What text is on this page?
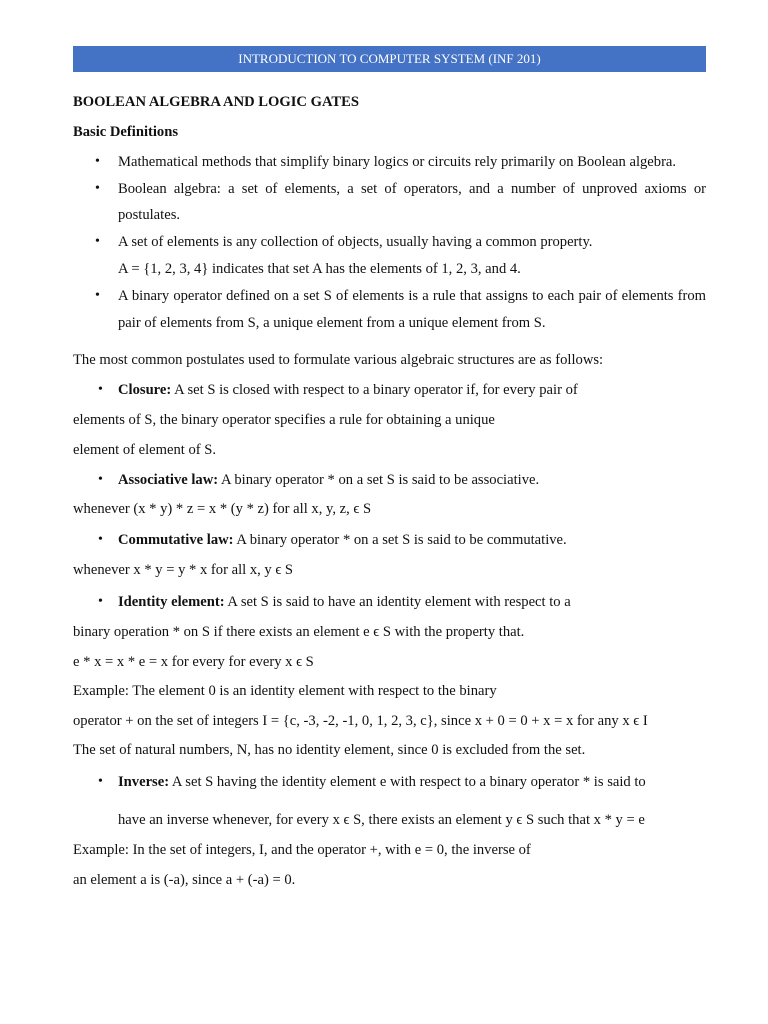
INTRODUCTION TO COMPUTER SYSTEM (INF 201)
BOOLEAN ALGEBRA AND LOGIC GATES
Basic Definitions
• Mathematical methods that simplify binary logics or circuits rely primarily on Boolean algebra.
• Boolean algebra: a set of elements, a set of operators, and a number of unproved axioms or
postulates.
• A set of elements is any collection of objects, usually having a common property.
A = {1, 2, 3, 4} indicates that set A has the elements of 1, 2, 3, and 4.
• A binary operator defined on a set S of elements is a rule that assigns to each pair of elements from
pair of elements from S, a unique element from a unique element from S.
The most common postulates used to formulate various algebraic structures are as follows:
• Closure: A set S is closed with respect to a binary operator if, for every pair of
elements of S, the binary operator specifies a rule for obtaining a unique
element of element of S.
• Associative law: A binary operator * on a set S is said to be associative.
whenever (x * y) * z = x * (y * z) for all x, y, z, ϵ S
• Commutative law: A binary operator * on a set S is said to be commutative.
whenever x * y = y * x for all x, y ϵ S
• Identity element: A set S is said to have an identity element with respect to a
binary operation * on S if there exists an element e ϵ S with the property that.
e * x = x * e = x for every for every x ϵ S
Example: The element 0 is an identity element with respect to the binary
operator + on the set of integers I = {c, -3, -2, -1, 0, 1, 2, 3, c}, since x + 0 = 0 + x = x for any x ϵ I
The set of natural numbers, N, has no identity element, since 0 is excluded from the set.
• Inverse: A set S having the identity element e with respect to a binary operator * is said to
have an inverse whenever, for every x ϵ S, there exists an element y ϵ S such that x * y = e
Example: In the set of integers, I, and the operator +, with e = 0, the inverse of
an element a is (-a), since a + (-a) = 0.
